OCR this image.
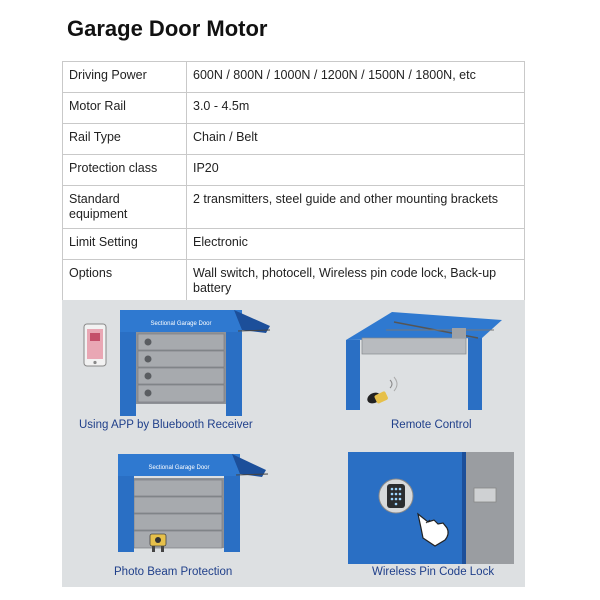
Garage Door Motor
Driving Power	600N / 800N / 1000N / 1200N / 1500N / 1800N, etc
Motor Rail	3.0 - 4.5m
Rail Type	Chain / Belt
Protection class	IP20
Standard equipment	2 transmitters, steel guide and other mounting brackets
Limit Setting	Electronic
Options	Wall switch, photocell, Wireless pin code lock, Back-up battery
Sectional Garage Door
Using APP by Bluebooth Receiver	Remote Control
Sectional Garage Door
Photo Beam Protection	Wireless Pin Code Lock
